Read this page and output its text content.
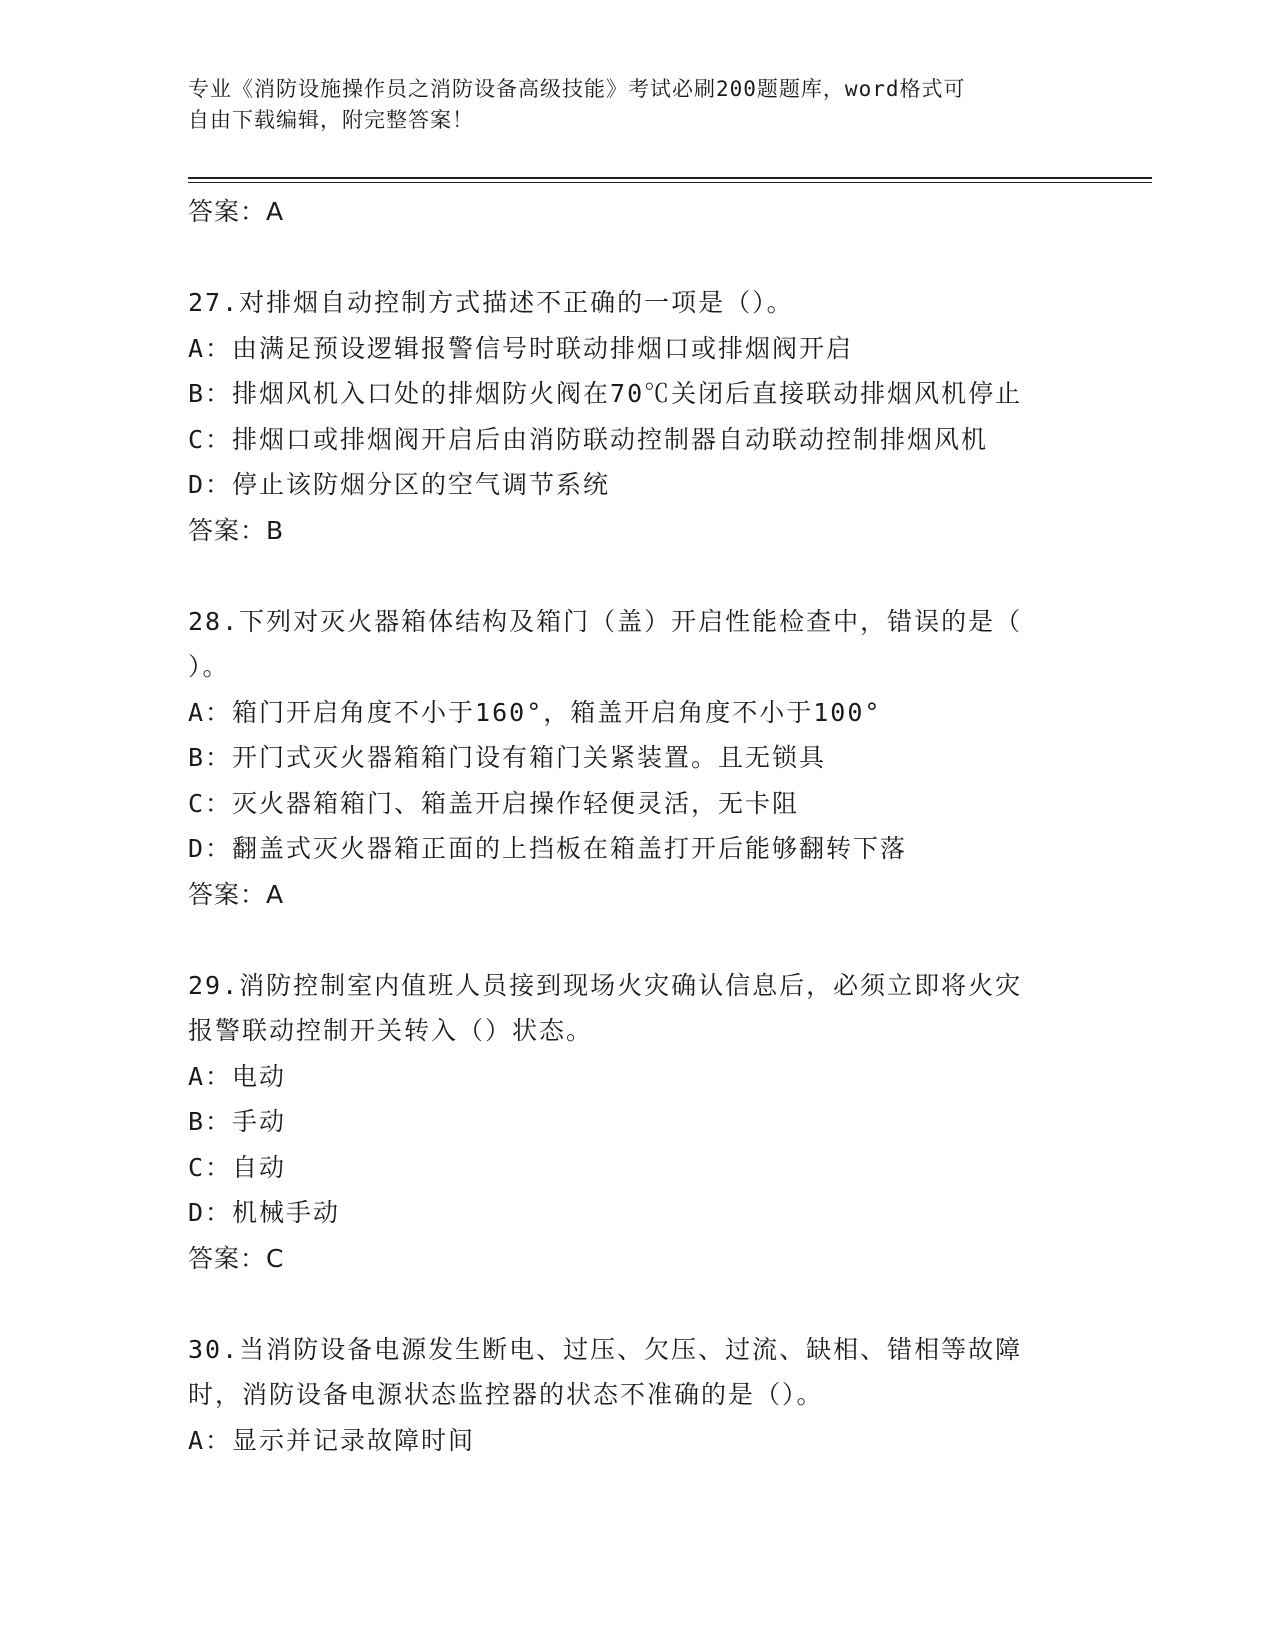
专业《消防设施操作员之消防设备高级技能》考试必刷200题题库，word格式可
自由下载编辑，附完整答案！
答案：A
27.对排烟自动控制方式描述不正确的一项是（）。
A：由满足预设逻辑报警信号时联动排烟口或排烟阀开启
B：排烟风机入口处的排烟防火阀在70℃关闭后直接联动排烟风机停止
C：排烟口或排烟阀开启后由消防联动控制器自动联动控制排烟风机
D：停止该防烟分区的空气调节系统
答案：B
28.下列对灭火器箱体结构及箱门（盖）开启性能检查中，错误的是（
）。
A：箱门开启角度不小于160°，箱盖开启角度不小于100°
B：开门式灭火器箱箱门设有箱门关紧装置。且无锁具
C：灭火器箱箱门、箱盖开启操作轻便灵活，无卡阻
D：翻盖式灭火器箱正面的上挡板在箱盖打开后能够翻转下落
答案：A
29.消防控制室内值班人员接到现场火灾确认信息后，必须立即将火灾
报警联动控制开关转入（）状态。
A：电动
B：手动
C：自动
D：机械手动
答案：C
30.当消防设备电源发生断电、过压、欠压、过流、缺相、错相等故障
时，消防设备电源状态监控器的状态不准确的是（）。
A：显示并记录故障时间
